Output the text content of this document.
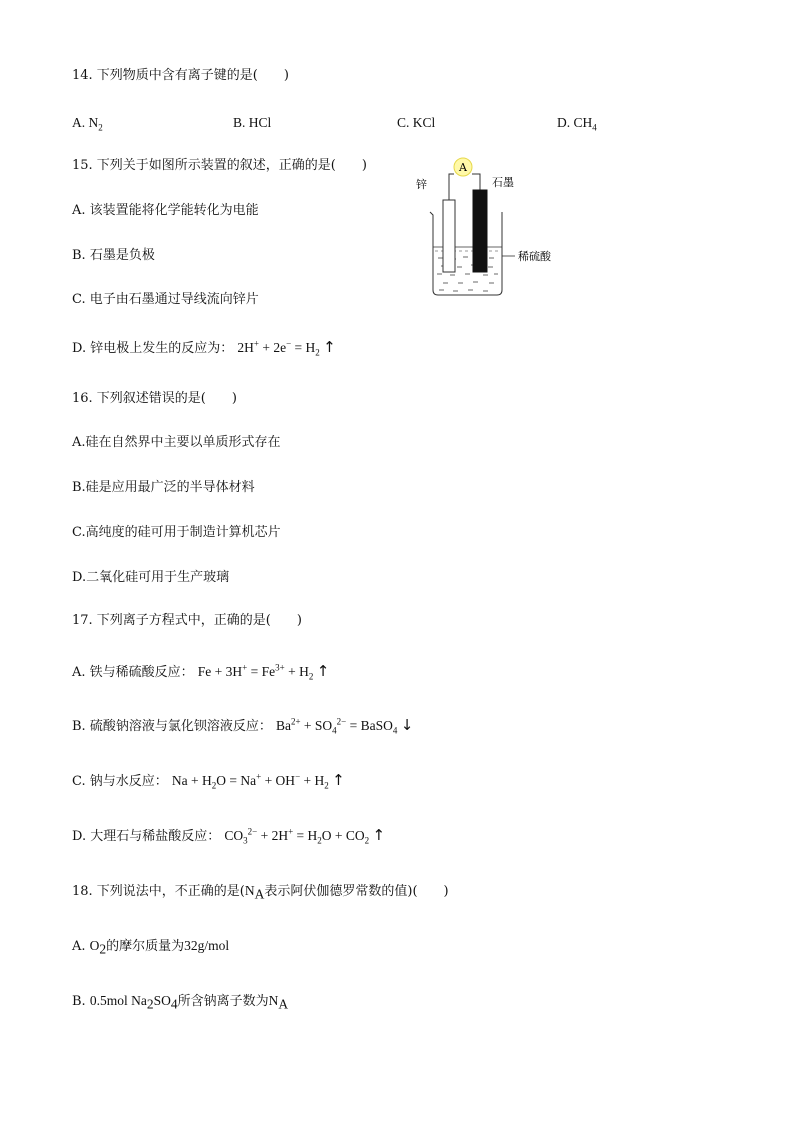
14. 下列物质中含有离子键的是(　　)
A. $N_2$	B. HCl	C. KCl	D. $CH_4$
15. 下列关于如图所示装置的叙述，正确的是(　　)
A. 该装置能将化学能转化为电能
B. 石墨是负极
C. 电子由石墨通过导线流向锌片
D. 锌电极上发生的反应为： $2H^+ + 2e^- = H_2$ ↑
A
锌	石墨
稀硫酸
16. 下列叙述错误的是(　　)
A.硅在自然界中主要以单质形式存在
B.硅是应用最广泛的半导体材料
C.高纯度的硅可用于制造计算机芯片
D.二氧化硅可用于生产玻璃
17. 下列离子方程式中，正确的是(　　)
A. 铁与稀硫酸反应： $Fe + 3H^+ = Fe^{3+} + H_2$ ↑
B. 硫酸钠溶液与氯化钡溶液反应： $Ba^{2+} + SO_4^{2-}$ = BaSO$_4$ ↓
C. 钠与水反应： $Na + H_2O = Na^+ + OH^- + H_2$ ↑
D. 大理石与稀盐酸反应： $CO_3^{2-} + 2H^+ = H_2O + CO_2$ ↑
18. 下列说法中，不正确的是($N_A$表示阿伏伽德罗常数的值)(　　)
A. $O_2$的摩尔质量为32g/mol
B. 0.5mol $Na_2SO_4$所含钠离子数为$N_A$
